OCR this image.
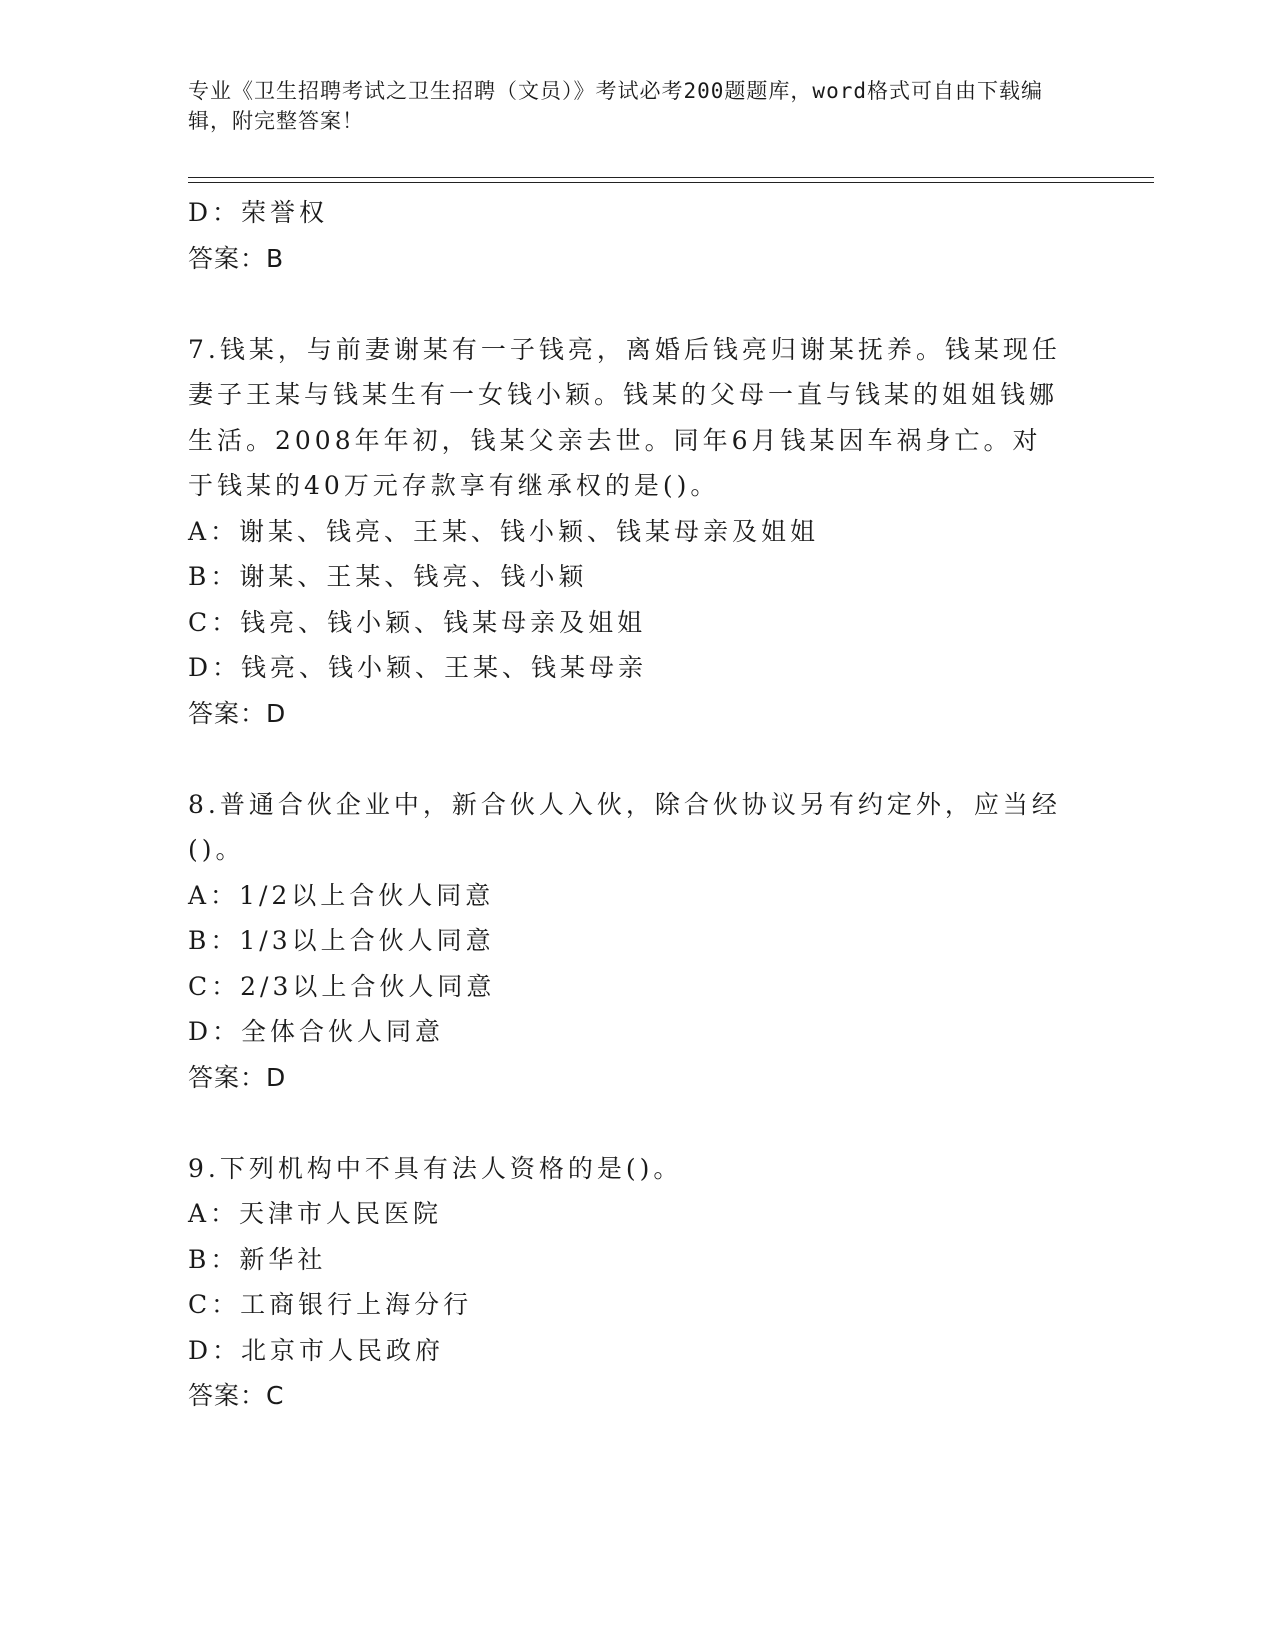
专业《卫生招聘考试之卫生招聘（文员）》考试必考200题题库，word格式可自由下载编辑，附完整答案！
D：荣誉权
答案：B
7.钱某，与前妻谢某有一子钱亮，离婚后钱亮归谢某抚养。钱某现任妻子王某与钱某生有一女钱小颖。钱某的父母一直与钱某的姐姐钱娜生活。2008年年初，钱某父亲去世。同年6月钱某因车祸身亡。对于钱某的40万元存款享有继承权的是()。
A：谢某、钱亮、王某、钱小颖、钱某母亲及姐姐
B：谢某、王某、钱亮、钱小颖
C：钱亮、钱小颖、钱某母亲及姐姐
D：钱亮、钱小颖、王某、钱某母亲
答案：D
8.普通合伙企业中，新合伙人入伙，除合伙协议另有约定外，应当经()。
A：1/2以上合伙人同意
B：1/3以上合伙人同意
C：2/3以上合伙人同意
D：全体合伙人同意
答案：D
9.下列机构中不具有法人资格的是()。
A：天津市人民医院
B：新华社
C：工商银行上海分行
D：北京市人民政府
答案：C
